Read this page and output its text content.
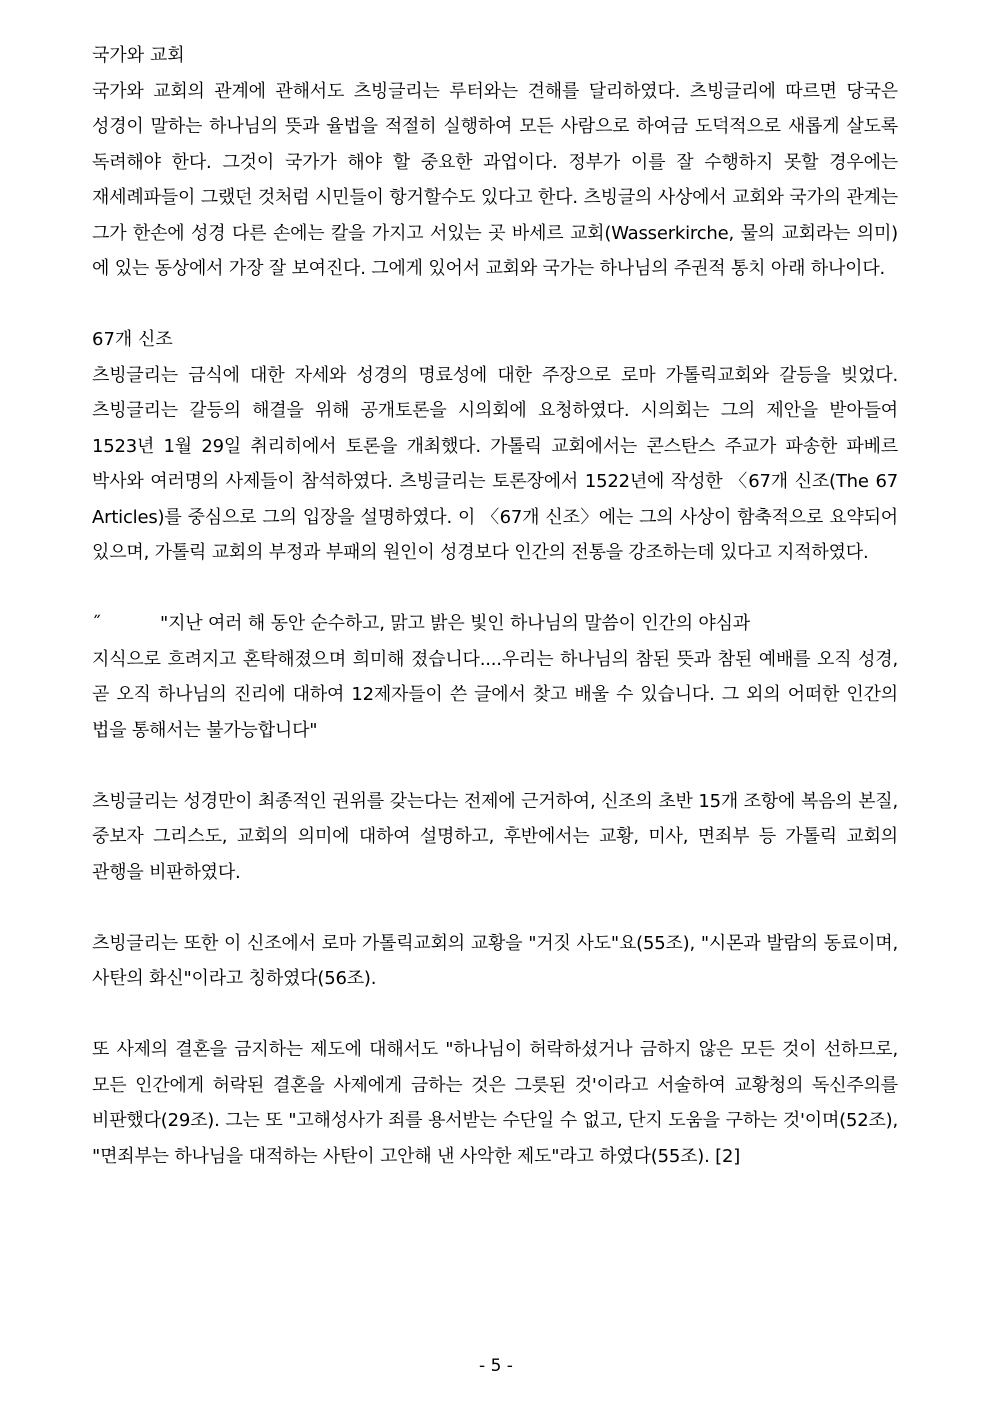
국가와 교회

국가와 교회의 관계에 관해서도 츠빙글리는 루터와는 견해를 달리하였다. 츠빙글리에 따르면 당국은 성경이 말하는 하나님의 뜻과 율법을 적절히 실행하여 모든 사람으로 하여금 도덕적으로 새롭게 살도록 독려해야 한다. 그것이 국가가 해야 할 중요한 과업이다. 정부가 이를 잘 수행하지 못할 경우에는 재세례파들이 그랬던 것처럼 시민들이 항거할수도 있다고 한다. 츠빙글의 사상에서 교회와 국가의 관계는 그가 한손에 성경 다른 손에는 칼을 가지고 서있는 곳 바세르 교회(Wasserkirche, 물의 교회라는 의미)에 있는 동상에서 가장 잘 보여진다. 그에게 있어서 교회와 국가는 하나님의 주권적 통치 아래 하나이다.

67개 신조

츠빙글리는 금식에 대한 자세와 성경의 명료성에 대한 주장으로 로마 가톨릭교회와 갈등을 빚었다. 츠빙글리는 갈등의 해결을 위해 공개토론을 시의회에 요청하였다. 시의회는 그의 제안을 받아들여 1523년 1월 29일 취리히에서 토론을 개최했다. 가톨릭 교회에서는 콘스탄스 주교가 파송한 파베르 박사와 여러명의 사제들이 참석하였다. 츠빙글리는 토론장에서 1522년에 작성한 〈67개 신조(The 67 Articles)를 중심으로 그의 입장을 설명하였다. 이 〈67개 신조〉에는 그의 사상이 함축적으로 요약되어 있으며, 가톨릭 교회의 부정과 부패의 원인이 성경보다 인간의 전통을 강조하는데 있다고 지적하였다.

˝	"지난 여러 해 동안 순수하고, 맑고 밝은 빛인 하나님의 말씀이 인간의 야심과

지식으로 흐려지고 혼탁해졌으며 희미해 졌습니다....우리는 하나님의 참된 뜻과 참된 예배를 오직 성경, 곧 오직 하나님의 진리에 대하여 12제자들이 쓴 글에서 찾고 배울 수 있습니다. 그 외의 어떠한 인간의 법을 통해서는 불가능합니다"

츠빙글리는 성경만이 최종적인 권위를 갖는다는 전제에 근거하여, 신조의 초반 15개 조항에 복음의 본질, 중보자 그리스도, 교회의 의미에 대하여 설명하고, 후반에서는 교황, 미사, 면죄부 등 가톨릭 교회의 관행을 비판하였다.

츠빙글리는 또한 이 신조에서 로마 가톨릭교회의 교황을 "거짓 사도"요(55조), "시몬과 발람의 동료이며, 사탄의 화신"이라고 칭하였다(56조).

또 사제의 결혼을 금지하는 제도에 대해서도 "하나님이 허락하셨거나 금하지 않은 모든 것이 선하므로, 모든 인간에게 허락된 결혼을 사제에게 금하는 것은 그릇된 것'이라고 서술하여 교황청의 독신주의를 비판했다(29조). 그는 또 "고해성사가 죄를 용서받는 수단일 수 없고, 단지 도움을 구하는 것'이며(52조), "면죄부는 하나님을 대적하는 사탄이 고안해 낸 사악한 제도"라고 하였다(55조). [2]

- 5 -
